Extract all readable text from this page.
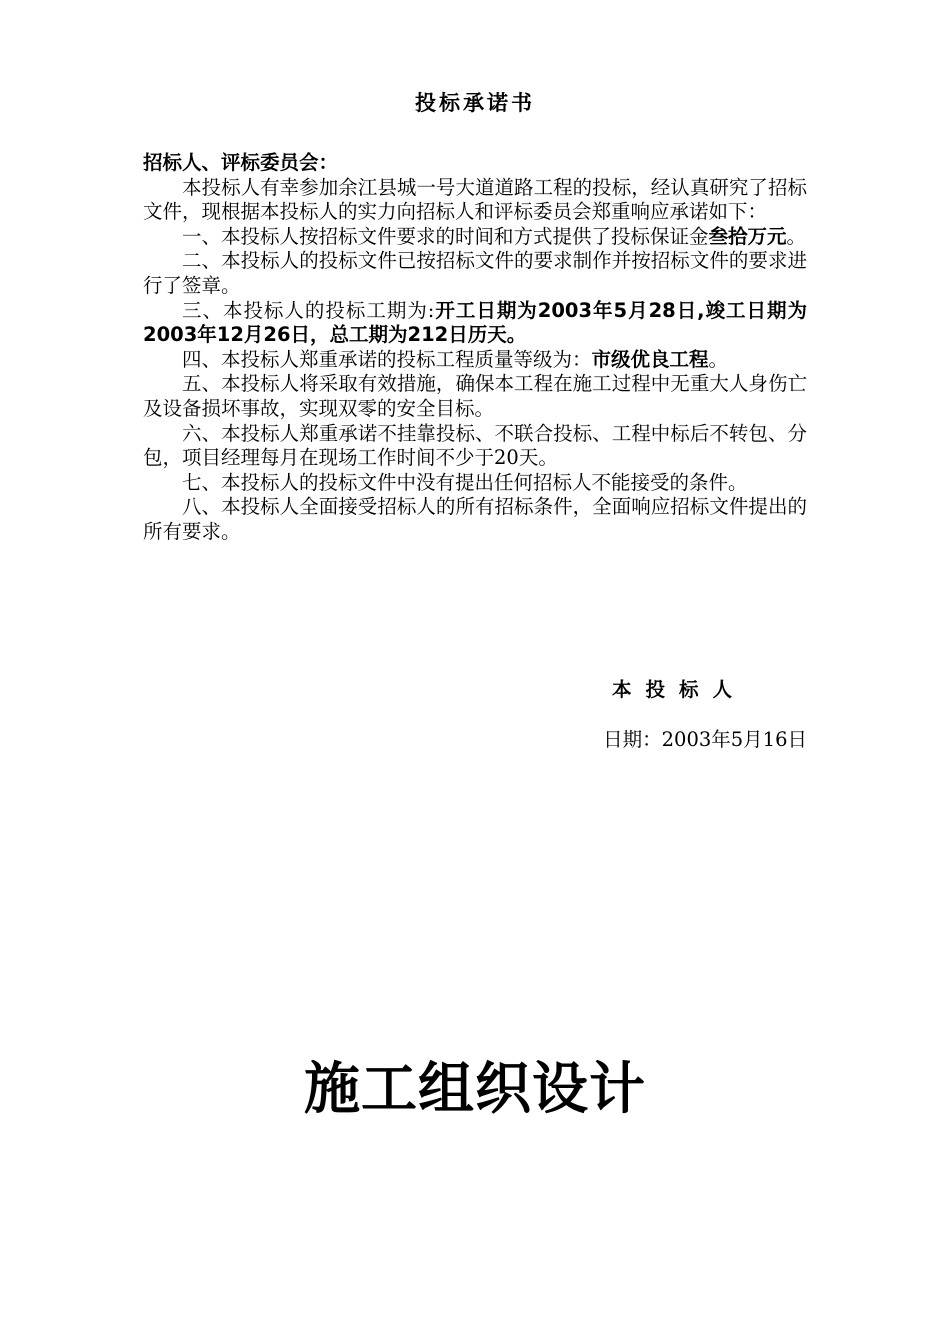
投标承诺书

招标人、评标委员会：

本投标人有幸参加余江县城一号大道道路工程的投标，经认真研究了招标文件，现根据本投标人的实力向招标人和评标委员会郑重响应承诺如下：

一、本投标人按招标文件要求的时间和方式提供了投标保证金叁拾万元。

二、本投标人的投标文件已按招标文件的要求制作并按招标文件的要求进行了签章。

三、本投标人的投标工期为:开工日期为2003年5月28日,竣工日期为2003年12月26日，总工期为212日历天。

四、本投标人郑重承诺的投标工程质量等级为：市级优良工程。

五、本投标人将采取有效措施，确保本工程在施工过程中无重大人身伤亡及设备损坏事故，实现双零的安全目标。

六、本投标人郑重承诺不挂靠投标、不联合投标、工程中标后不转包、分包，项目经理每月在现场工作时间不少于20天。

七、本投标人的投标文件中没有提出任何招标人不能接受的条件。

八、本投标人全面接受招标人的所有招标条件，全面响应招标文件提出的所有要求。

本投标人
日期：2003年5月16日
施工组织设计
